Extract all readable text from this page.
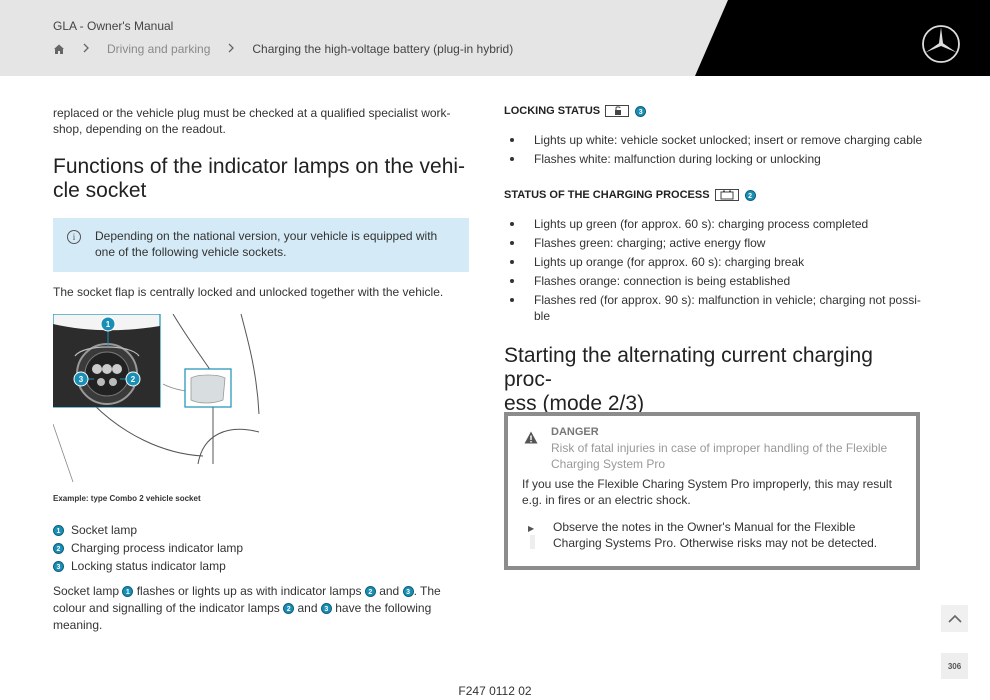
GLA - Owner's Manual
Driving and parking	Charging the high-voltage battery (plug-in hybrid)
replaced or the vehicle plug must be checked at a qualified specialist work-
shop, depending on the readout.
Functions of the indicator lamps on the vehi-
cle socket
i	Depending on the national version, your vehicle is equipped with
one of the following vehicle sockets.
The socket flap is centrally locked and unlocked together with the vehicle.
1
3	2
Example: type Combo 2 vehicle socket
1 Socket lamp
2 Charging process indicator lamp
3 Locking status indicator lamp
Socket lamp 1 flashes or lights up as with indicator lamps 2 and 3 . The
colour and signalling of the indicator lamps 2 and 3 have the following
meaning.
LOCKING STATUS	3
Lights up white: vehicle socket unlocked; insert or remove charging cable
Flashes white: malfunction during locking or unlocking
STATUS OF THE CHARGING PROCESS	2
Lights up green (for approx. 60 s): charging process completed
Flashes green: charging; active energy flow
Lights up orange (for approx. 60 s): charging break
Flashes orange: connection is being established
Flashes red (for approx. 90 s): malfunction in vehicle; charging not possi-
ble
Starting the alternating current charging proc-
ess (mode 2/3)
DANGER
Risk of fatal injuries in case of improper handling of the Flexible
Charging System Pro
If you use the Flexible Charing System Pro improperly, this may result
e.g. in fires or an electric shock.
▶ Observe the notes in the Owner's Manual for the Flexible
Charging Systems Pro. Otherwise risks may not be detected.
306
F247 0112 02
